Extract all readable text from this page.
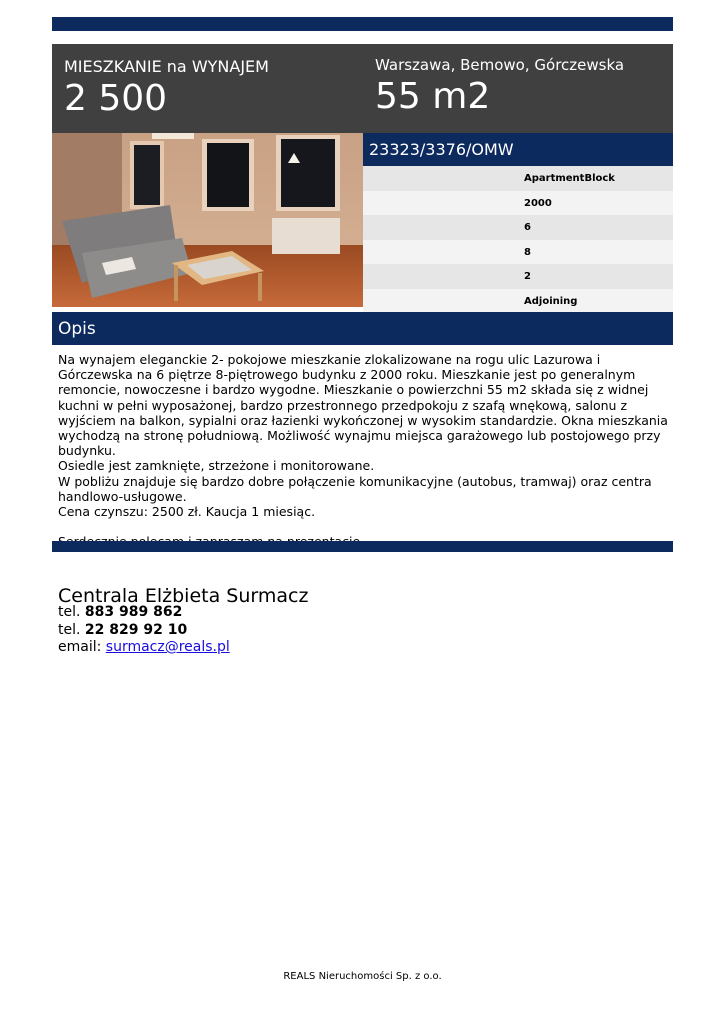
MIESZKANIE na WYNAJEM
2 500
Warszawa, Bemowo, Górczewska
55 m2
23323/3376/OMW
ApartmentBlock
2000
6
8
2
Adjoining
Opis

Na wynajem eleganckie 2- pokojowe mieszkanie zlokalizowane na rogu ulic Lazurowa i Górczewska na 6 piętrze 8-piętrowego budynku z 2000 roku. Mieszkanie jest po generalnym remoncie, nowoczesne i bardzo wygodne. Mieszkanie o powierzchni 55 m2 składa się z widnej kuchni w pełni wyposażonej, bardzo przestronnego przedpokoju z szafą wnękową, salonu z wyjściem na balkon, sypialni oraz łazienki wykończonej w wysokim standardzie. Okna mieszkania wychodzą na stronę południową. Możliwość wynajmu miejsca garażowego lub postojowego przy budynku.

Osiedle jest zamknięte, strzeżone i monitorowane.

W pobliżu znajduje się bardzo dobre połączenie komunikacyjne (autobus, tramwaj) oraz centra handlowo-usługowe.

Cena czynszu: 2500 zł. Kaucja 1 miesiąc.

Centrala Elżbieta Surmacz
tel. 883 989 862
tel. 22 829 92 10
email: surmacz@reals.pl
REALS Nieruchomości Sp. z o.o.
